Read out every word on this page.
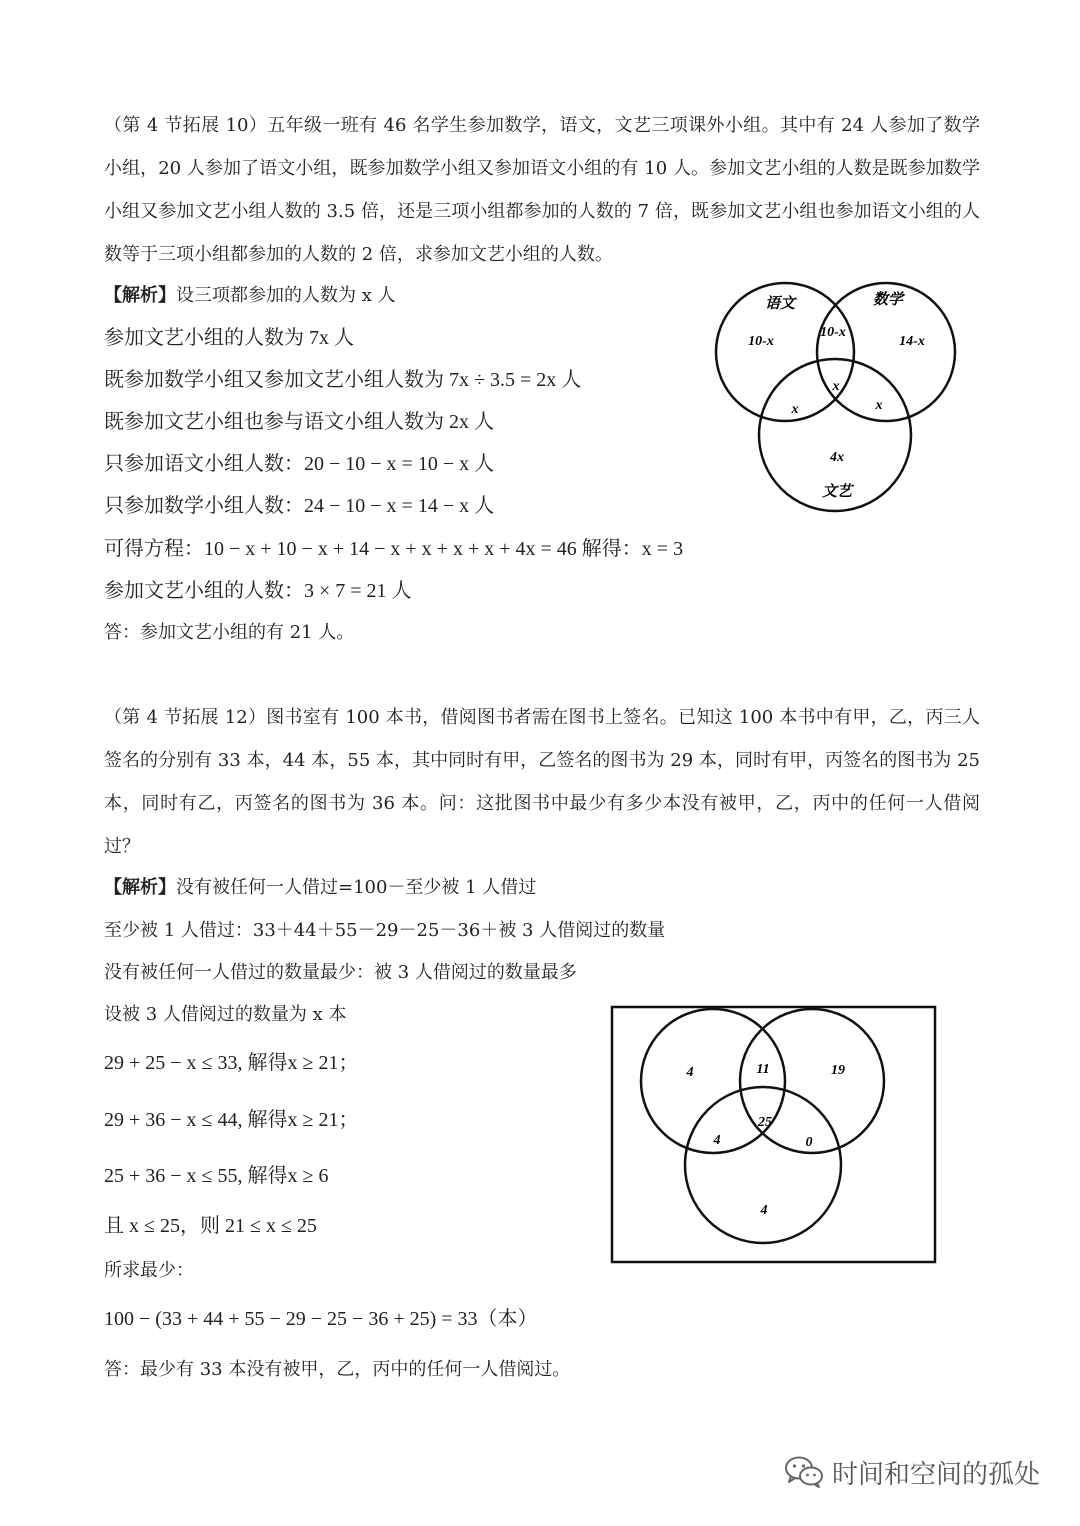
（第 4 节拓展 10）五年级一班有 46 名学生参加数学，语文，文艺三项课外小组。其中有 24 人参加了数学小组，20 人参加了语文小组，既参加数学小组又参加语文小组的有 10 人。参加文艺小组的人数是既参加数学小组又参加文艺小组人数的 3.5 倍，还是三项小组都参加的人数的 7 倍，既参加文艺小组也参加语文小组的人数等于三项小组都参加的人数的 2 倍，求参加文艺小组的人数。
【解析】设三项都参加的人数为 x 人
参加文艺小组的人数为 7x 人
既参加数学小组又参加文艺小组人数为 7x ÷ 3.5 = 2x 人
既参加文艺小组也参与语文小组人数为 2x 人
只参加语文小组人数：20 − 10 − x = 10 − x 人
只参加数学小组人数：24 − 10 − x = 14 − x 人
可得方程：10 − x + 10 − x + 14 − x + x + x + x + 4x = 46 解得：x = 3
参加文艺小组的人数：3 × 7 = 21 人
答：参加文艺小组的有 21 人。
语文	数学
文艺
10-x
10-x
14-x
x
x	x
4x
（第 4 节拓展 12）图书室有 100 本书，借阅图书者需在图书上签名。已知这 100 本书中有甲，乙，丙三人签名的分别有 33 本，44 本，55 本，其中同时有甲，乙签名的图书为 29 本，同时有甲，丙签名的图书为 25 本，同时有乙，丙签名的图书为 36 本。问：这批图书中最少有多少本没有被甲，乙，丙中的任何一人借阅过？
【解析】没有被任何一人借过=100－至少被 1 人借过
至少被 1 人借过：33＋44＋55－29－25－36＋被 3 人借阅过的数量
没有被任何一人借过的数量最少：被 3 人借阅过的数量最多
设被 3 人借阅过的数量为 x 本
29 + 25 − x ≤ 33, 解得x ≥ 21；
29 + 36 − x ≤ 44, 解得x ≥ 21；
25 + 36 − x ≤ 55, 解得x ≥ 6
且 x ≤ 25，则 21 ≤ x ≤ 25
所求最少：
100 − (33 + 44 + 55 − 29 − 25 − 36 + 25) = 33（本）
答：最少有 33 本没有被甲，乙，丙中的任何一人借阅过。
4	11	19
25
4	0
4
时间和空间的孤处
